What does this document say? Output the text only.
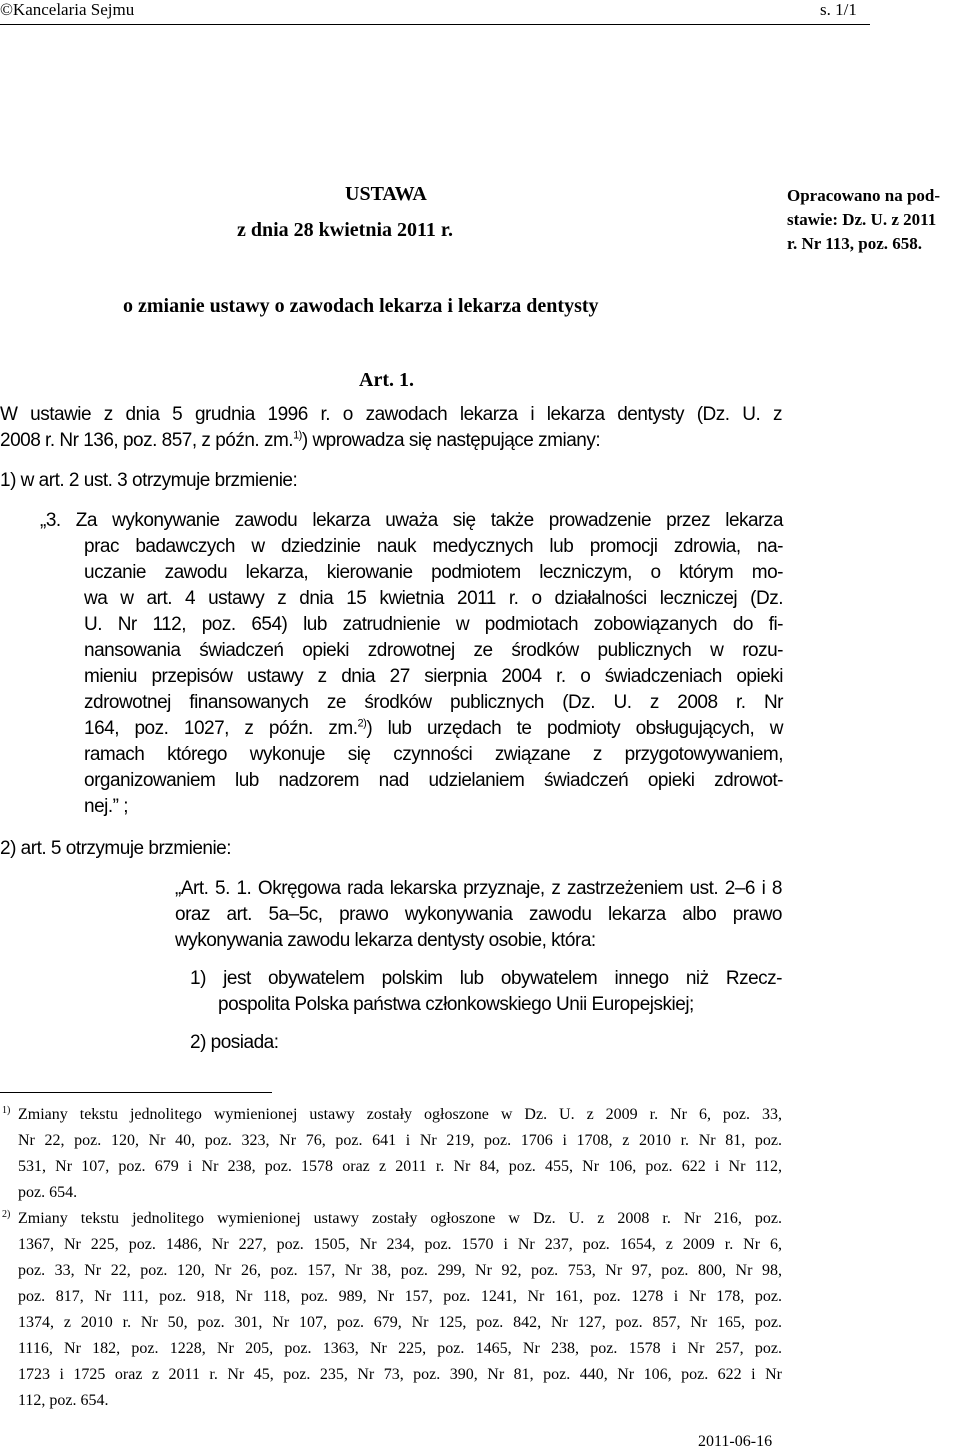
©Kancelaria Sejmu	s. 1/1
USTAWA
z dnia 28 kwietnia 2011 r.
o zmianie ustawy o zawodach lekarza i lekarza dentysty
Opracowano na pod-
stawie: Dz. U. z 2011
r. Nr 113, poz. 658.
Art. 1.
W ustawie z dnia 5 grudnia 1996 r. o zawodach lekarza i lekarza dentysty (Dz. U. z
2008 r. Nr 136, poz. 857, z późn. zm.$^{1)}$) wprowadza się następujące zmiany:
1) w art. 2 ust. 3 otrzymuje brzmienie:
„3. Za wykonywanie zawodu lekarza uważa się także prowadzenie przez lekarza
prac badawczych w dziedzinie nauk medycznych lub promocji zdrowia, na-
uczanie zawodu lekarza, kierowanie podmiotem leczniczym, o którym mo-
wa w art. 4 ustawy z dnia 15 kwietnia 2011 r. o działalności leczniczej (Dz.
U. Nr 112, poz. 654) lub zatrudnienie w podmiotach zobowiązanych do fi-
nansowania świadczeń opieki zdrowotnej ze środków publicznych w rozu-
mieniu przepisów ustawy z dnia 27 sierpnia 2004 r. o świadczeniach opieki
zdrowotnej finansowanych ze środków publicznych (Dz. U. z 2008 r. Nr
164, poz. 1027, z późn. zm.$^{2)}$) lub urzędach te podmioty obsługujących, w
ramach którego wykonuje się czynności związane z przygotowywaniem,
organizowaniem lub nadzorem nad udzielaniem świadczeń opieki zdrowot-
nej.” ;
2) art. 5 otrzymuje brzmienie:
„Art. 5. 1. Okręgowa rada lekarska przyznaje, z zastrzeżeniem ust. 2–6 i 8
oraz art. 5a–5c, prawo wykonywania zawodu lekarza albo prawo
wykonywania zawodu lekarza dentysty osobie, która:
1) jest obywatelem polskim lub obywatelem innego niż Rzecz-
pospolita Polska państwa członkowskiego Unii Europejskiej;
2) posiada:
1) Zmiany tekstu jednolitego wymienionej ustawy zostały ogłoszone w Dz. U. z 2009 r. Nr 6, poz. 33,
Nr 22, poz. 120, Nr 40, poz. 323, Nr 76, poz. 641 i Nr 219, poz. 1706 i 1708, z 2010 r. Nr 81, poz.
531, Nr 107, poz. 679 i Nr 238, poz. 1578 oraz z 2011 r. Nr 84, poz. 455, Nr 106, poz. 622 i Nr 112,
poz. 654.
2) Zmiany tekstu jednolitego wymienionej ustawy zostały ogłoszone w Dz. U. z 2008 r. Nr 216, poz.
1367, Nr 225, poz. 1486, Nr 227, poz. 1505, Nr 234, poz. 1570 i Nr 237, poz. 1654, z 2009 r. Nr 6,
poz. 33, Nr 22, poz. 120, Nr 26, poz. 157, Nr 38, poz. 299, Nr 92, poz. 753, Nr 97, poz. 800, Nr 98,
poz. 817, Nr 111, poz. 918, Nr 118, poz. 989, Nr 157, poz. 1241, Nr 161, poz. 1278 i Nr 178, poz.
1374, z 2010 r. Nr 50, poz. 301, Nr 107, poz. 679, Nr 125, poz. 842, Nr 127, poz. 857, Nr 165, poz.
1116, Nr 182, poz. 1228, Nr 205, poz. 1363, Nr 225, poz. 1465, Nr 238, poz. 1578 i Nr 257, poz.
1723 i 1725 oraz z 2011 r. Nr 45, poz. 235, Nr 73, poz. 390, Nr 81, poz. 440, Nr 106, poz. 622 i Nr
112, poz. 654.
2011-06-16
